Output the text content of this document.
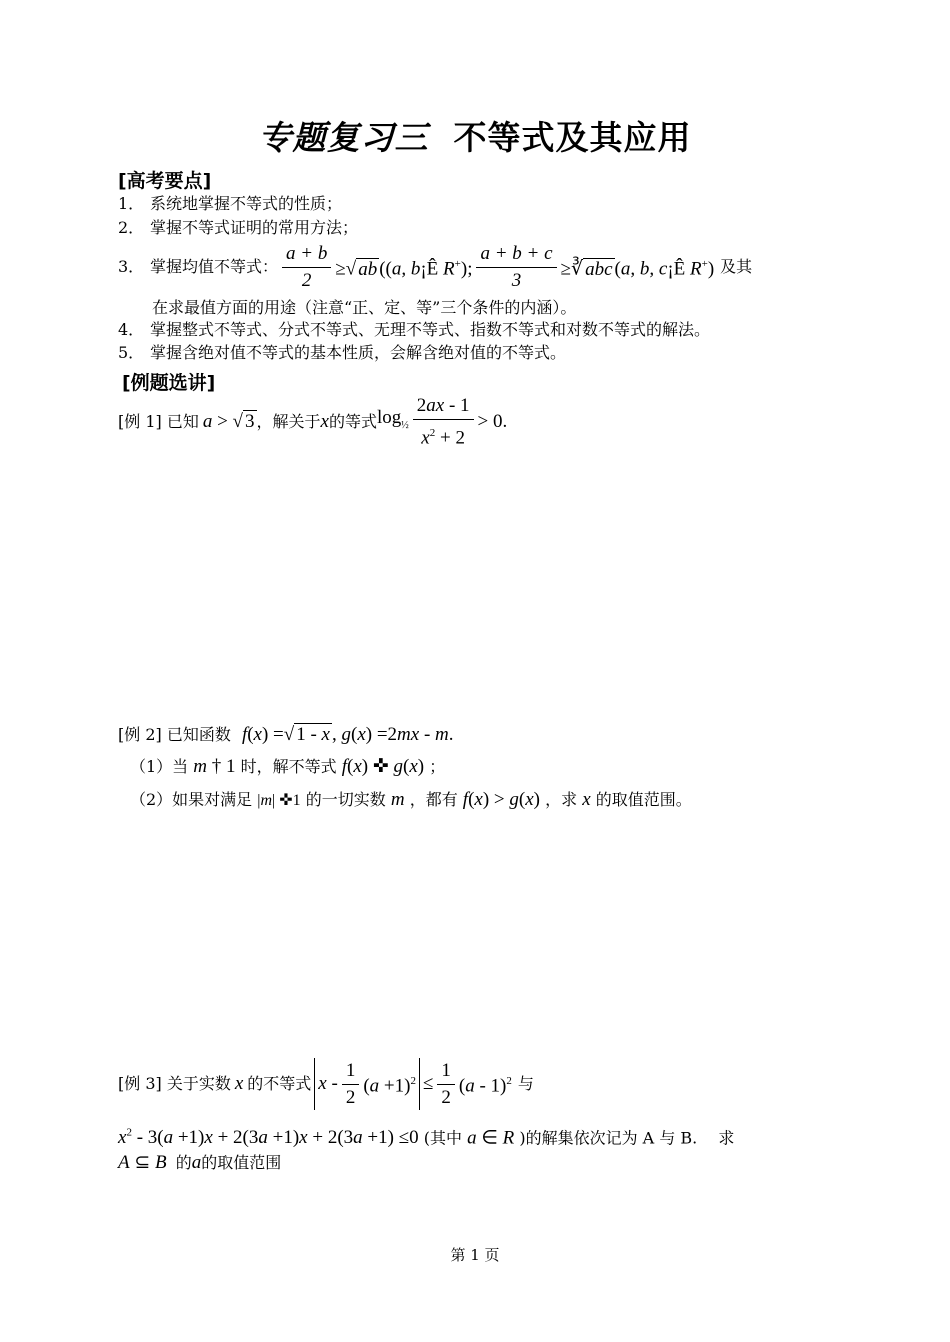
专题复习三 不等式及其应用
[高考要点]
1． 系统地掌握不等式的性质；
2． 掌握不等式证明的常用方法；
3． 掌握均值不等式： $\frac{a + b}{2}$ ≥√ ab ((a, b¡Ê R+); $\frac{a + b + c}{3}$ ≥∛ abc (a, b, c¡Ê R+) 及其
在求最值方面的用途（注意“正、定、等”三个条件的内涵）。
4． 掌握整式不等式、分式不等式、无理不等式、指数不等式和对数不等式的解法。
5． 掌握含绝对值不等式的基本性质，会解含绝对值的不等式。
[例题选讲]
[例 1] 已知 a > √ 3 ，解关于 x 的等式 $\log_{\frac{1}{2}} \frac{2ax - 1}{x^2 + 2} > 0$.
[例 2] 已知函数 f(x) =√ 1 - x , g(x) =2mx - m.
（1）当 m † 1 时，解不等式 f(x) ✜ g(x) ；
（2）如果对满足 |m| ✜1 的一切实数 m ，都有 f(x) > g(x) ，求 x 的取值范围。
[例 3] 关于实数 x 的不等式 $x - \frac{1}{2} (a +1)^2 \le \frac{1}{2} (a - 1)^2$ 与
$x^2 - 3(a +1)x + 2(3a +1)x + 2(3a +1) \le 0$ (其中 a ∈ R )的解集依次记为 A 与 B.　 求
A ⊆ B 的a的取值范围
第 1 页
